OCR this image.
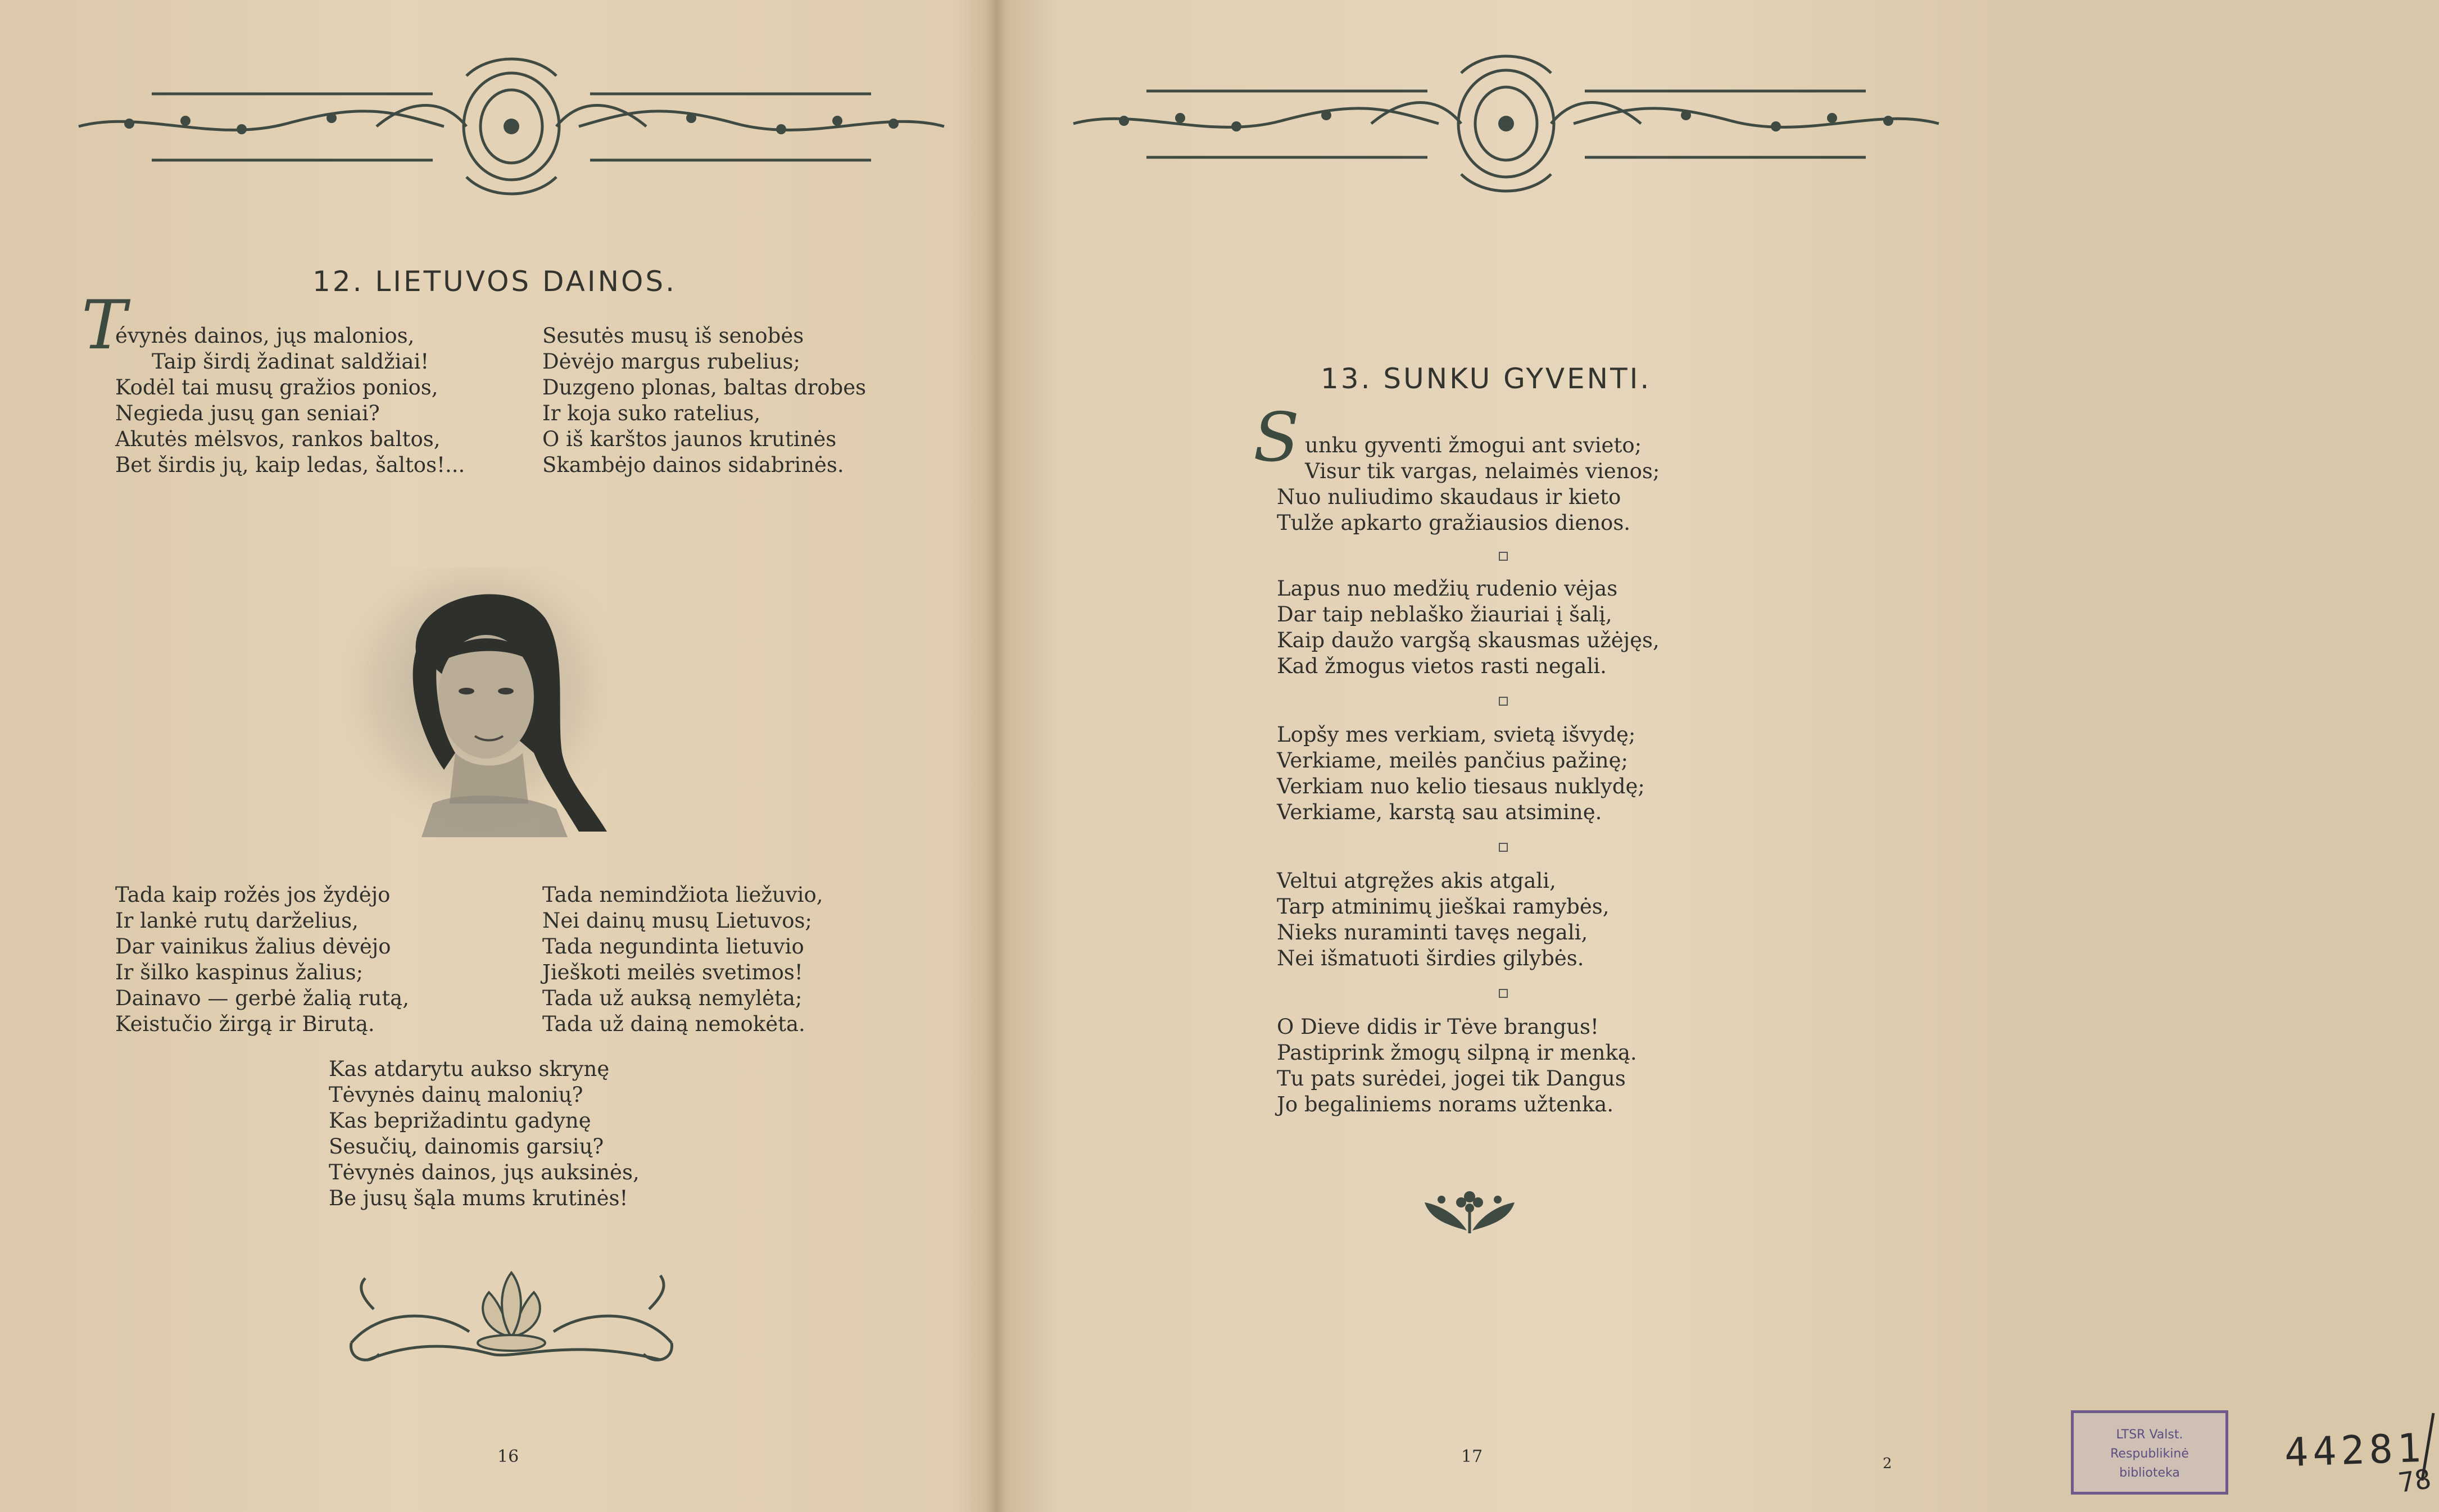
12. LIETUVOS DAINOS.
T
évynės dainos, jųs malonios,
Taip širdį žadinat saldžiai!
Kodėl tai musų gražios ponios,
Negieda jusų gan seniai?
Akutės mėlsvos, rankos baltos,
Bet širdis jų, kaip ledas, šaltos!...
Sesutės musų iš senobės
Dėvėjo margus rubelius;
Duzgeno plonas, baltas drobes
Ir koja suko ratelius,
O iš karštos jaunos krutinės
Skambėjo dainos sidabrinės.
Tada kaip rožės jos žydėjo
Ir lankė rutų darželius,
Dar vainikus žalius dėvėjo
Ir šilko kaspinus žalius;
Dainavo — gerbė žalią rutą,
Keistučio žirgą ir Birutą.
Tada nemindžiota liežuvio,
Nei dainų musų Lietuvos;
Tada negundinta lietuvio
Jieškoti meilės svetimos!
Tada už auksą nemylėta;
Tada už dainą nemokėta.
Kas atdarytu aukso skrynę
Tėvynės dainų malonių?
Kas beprižadintu gadynę
Sesučių, dainomis garsių?
Tėvynės dainos, jųs auksinės,
Be jusų šąla mums krutinės!
16
13. SUNKU GYVENTI.
S unku gyventi žmogui ant svieto;
Visur tik vargas, nelaimės vienos;
Nuo nuliudimo skaudaus ir kieto
Tulže apkarto gražiausios dienos.
Lapus nuo medžių rudenio vėjas
Dar taip neblaško žiauriai į šalį,
Kaip daužo vargšą skausmas užėjęs,
Kad žmogus vietos rasti negali.
Lopšy mes verkiam, svietą išvydę;
Verkiame, meilės pančius pažinę;
Verkiam nuo kelio tiesaus nuklydę;
Verkiame, karstą sau atsiminę.
Veltui atgręžes akis atgali,
Tarp atminimų jieškai ramybės,
Nieks nuraminti tavęs negali,
Nei išmatuoti širdies gilybės.
O Dieve didis ir Tėve brangus!
Pastiprink žmogų silpną ir menką.
Tu pats surėdei, jogei tik Dangus
Jo begaliniems norams užtenka.
LTSR Valst.
Respublikinė
biblioteka	44281
78
17	2
